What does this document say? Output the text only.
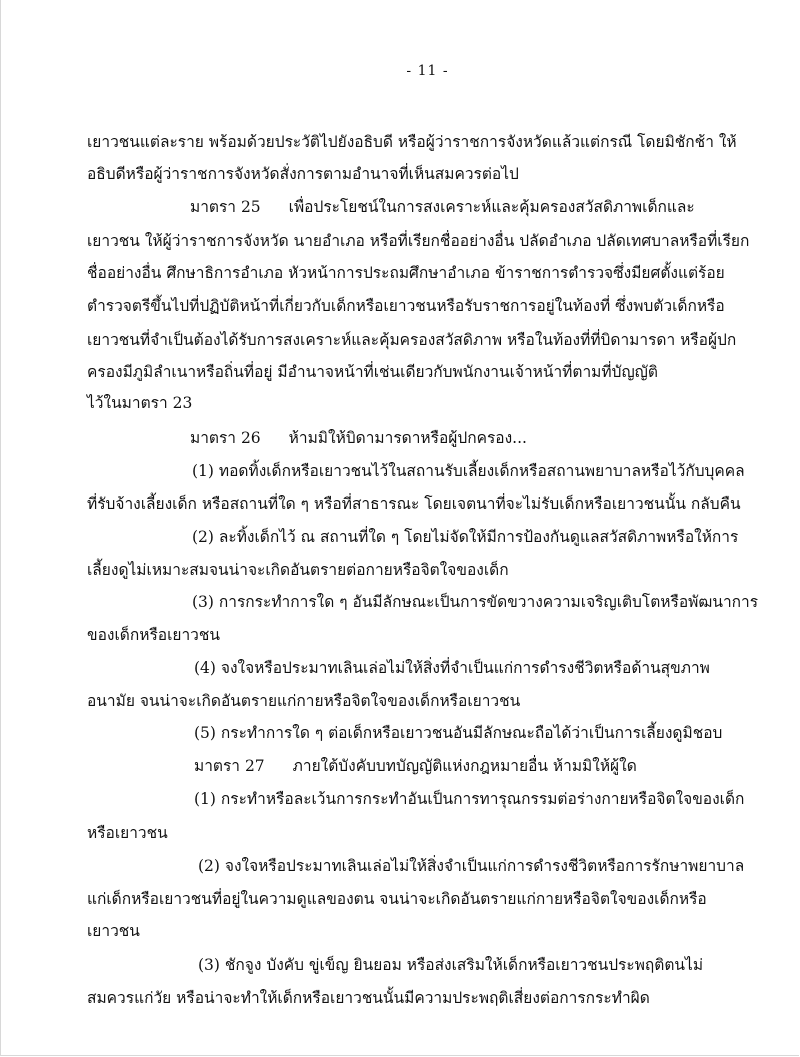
- 11 -
เยาวชนแต่ละราย พร้อมด้วยประวัติไปยังอธิบดี หรือผู้ว่าราชการจังหวัดแล้วแต่กรณี โดยมิชักช้า ให้
อธิบดีหรือผู้ว่าราชการจังหวัดสั่งการตามอำนาจที่เห็นสมควรต่อไป
มาตรา 25 เพื่อประโยชน์ในการสงเคราะห์และคุ้มครองสวัสดิภาพเด็กและ
เยาวชน ให้ผู้ว่าราชการจังหวัด นายอำเภอ หรือที่เรียกชื่ออย่างอื่น ปลัดอำเภอ ปลัดเทศบาลหรือที่เรียก
ชื่ออย่างอื่น ศึกษาธิการอำเภอ หัวหน้าการประถมศึกษาอำเภอ ข้าราชการตำรวจซึ่งมียศตั้งแต่ร้อย
ตำรวจตรีขึ้นไปที่ปฏิบัติหน้าที่เกี่ยวกับเด็กหรือเยาวชนหรือรับราชการอยู่ในท้องที่ ซึ่งพบตัวเด็กหรือ
เยาวชนที่จำเป็นต้องได้รับการสงเคราะห์และคุ้มครองสวัสดิภาพ หรือในท้องที่ที่บิดามารดา หรือผู้ปก
ครองมีภูมิลำเนาหรือถิ่นที่อยู่ มีอำนาจหน้าที่เช่นเดียวกับพนักงานเจ้าหน้าที่ตามที่บัญญัติ
ไว้ในมาตรา 23
มาตรา 26 ห้ามมิให้บิดามารดาหรือผู้ปกครอง...
(1) ทอดทิ้งเด็กหรือเยาวชนไว้ในสถานรับเลี้ยงเด็กหรือสถานพยาบาลหรือไว้กับบุคคล
ที่รับจ้างเลี้ยงเด็ก หรือสถานที่ใด ๆ หรือที่สาธารณะ โดยเจตนาที่จะไม่รับเด็กหรือเยาวชนนั้น กลับคืน
(2) ละทิ้งเด็กไว้ ณ สถานที่ใด ๆ โดยไม่จัดให้มีการป้องกันดูแลสวัสดิภาพหรือให้การ
เลี้ยงดูไม่เหมาะสมจนน่าจะเกิดอันตรายต่อกายหรือจิตใจของเด็ก
(3) การกระทำการใด ๆ อันมีลักษณะเป็นการขัดขวางความเจริญเติบโตหรือพัฒนาการ
ของเด็กหรือเยาวชน
(4) จงใจหรือประมาทเลินเล่อไม่ให้สิ่งที่จำเป็นแก่การดำรงชีวิตหรือด้านสุขภาพ
อนามัย จนน่าจะเกิดอันตรายแก่กายหรือจิตใจของเด็กหรือเยาวชน
(5) กระทำการใด ๆ ต่อเด็กหรือเยาวชนอันมีลักษณะถือได้ว่าเป็นการเลี้ยงดูมิชอบ
มาตรา 27 ภายใต้บังคับบทบัญญัติแห่งกฎหมายอื่น ห้ามมิให้ผู้ใด
(1) กระทำหรือละเว้นการกระทำอันเป็นการทารุณกรรมต่อร่างกายหรือจิตใจของเด็ก
หรือเยาวชน
(2) จงใจหรือประมาทเลินเล่อไม่ให้สิ่งจำเป็นแก่การดำรงชีวิตหรือการรักษาพยาบาล
แก่เด็กหรือเยาวชนที่อยู่ในความดูแลของตน จนน่าจะเกิดอันตรายแก่กายหรือจิตใจของเด็กหรือ
เยาวชน
(3) ชักจูง บังคับ ขู่เข็ญ ยินยอม หรือส่งเสริมให้เด็กหรือเยาวชนประพฤติตนไม่
สมควรแก่วัย หรือน่าจะทำให้เด็กหรือเยาวชนนั้นมีความประพฤติเสี่ยงต่อการกระทำผิด
